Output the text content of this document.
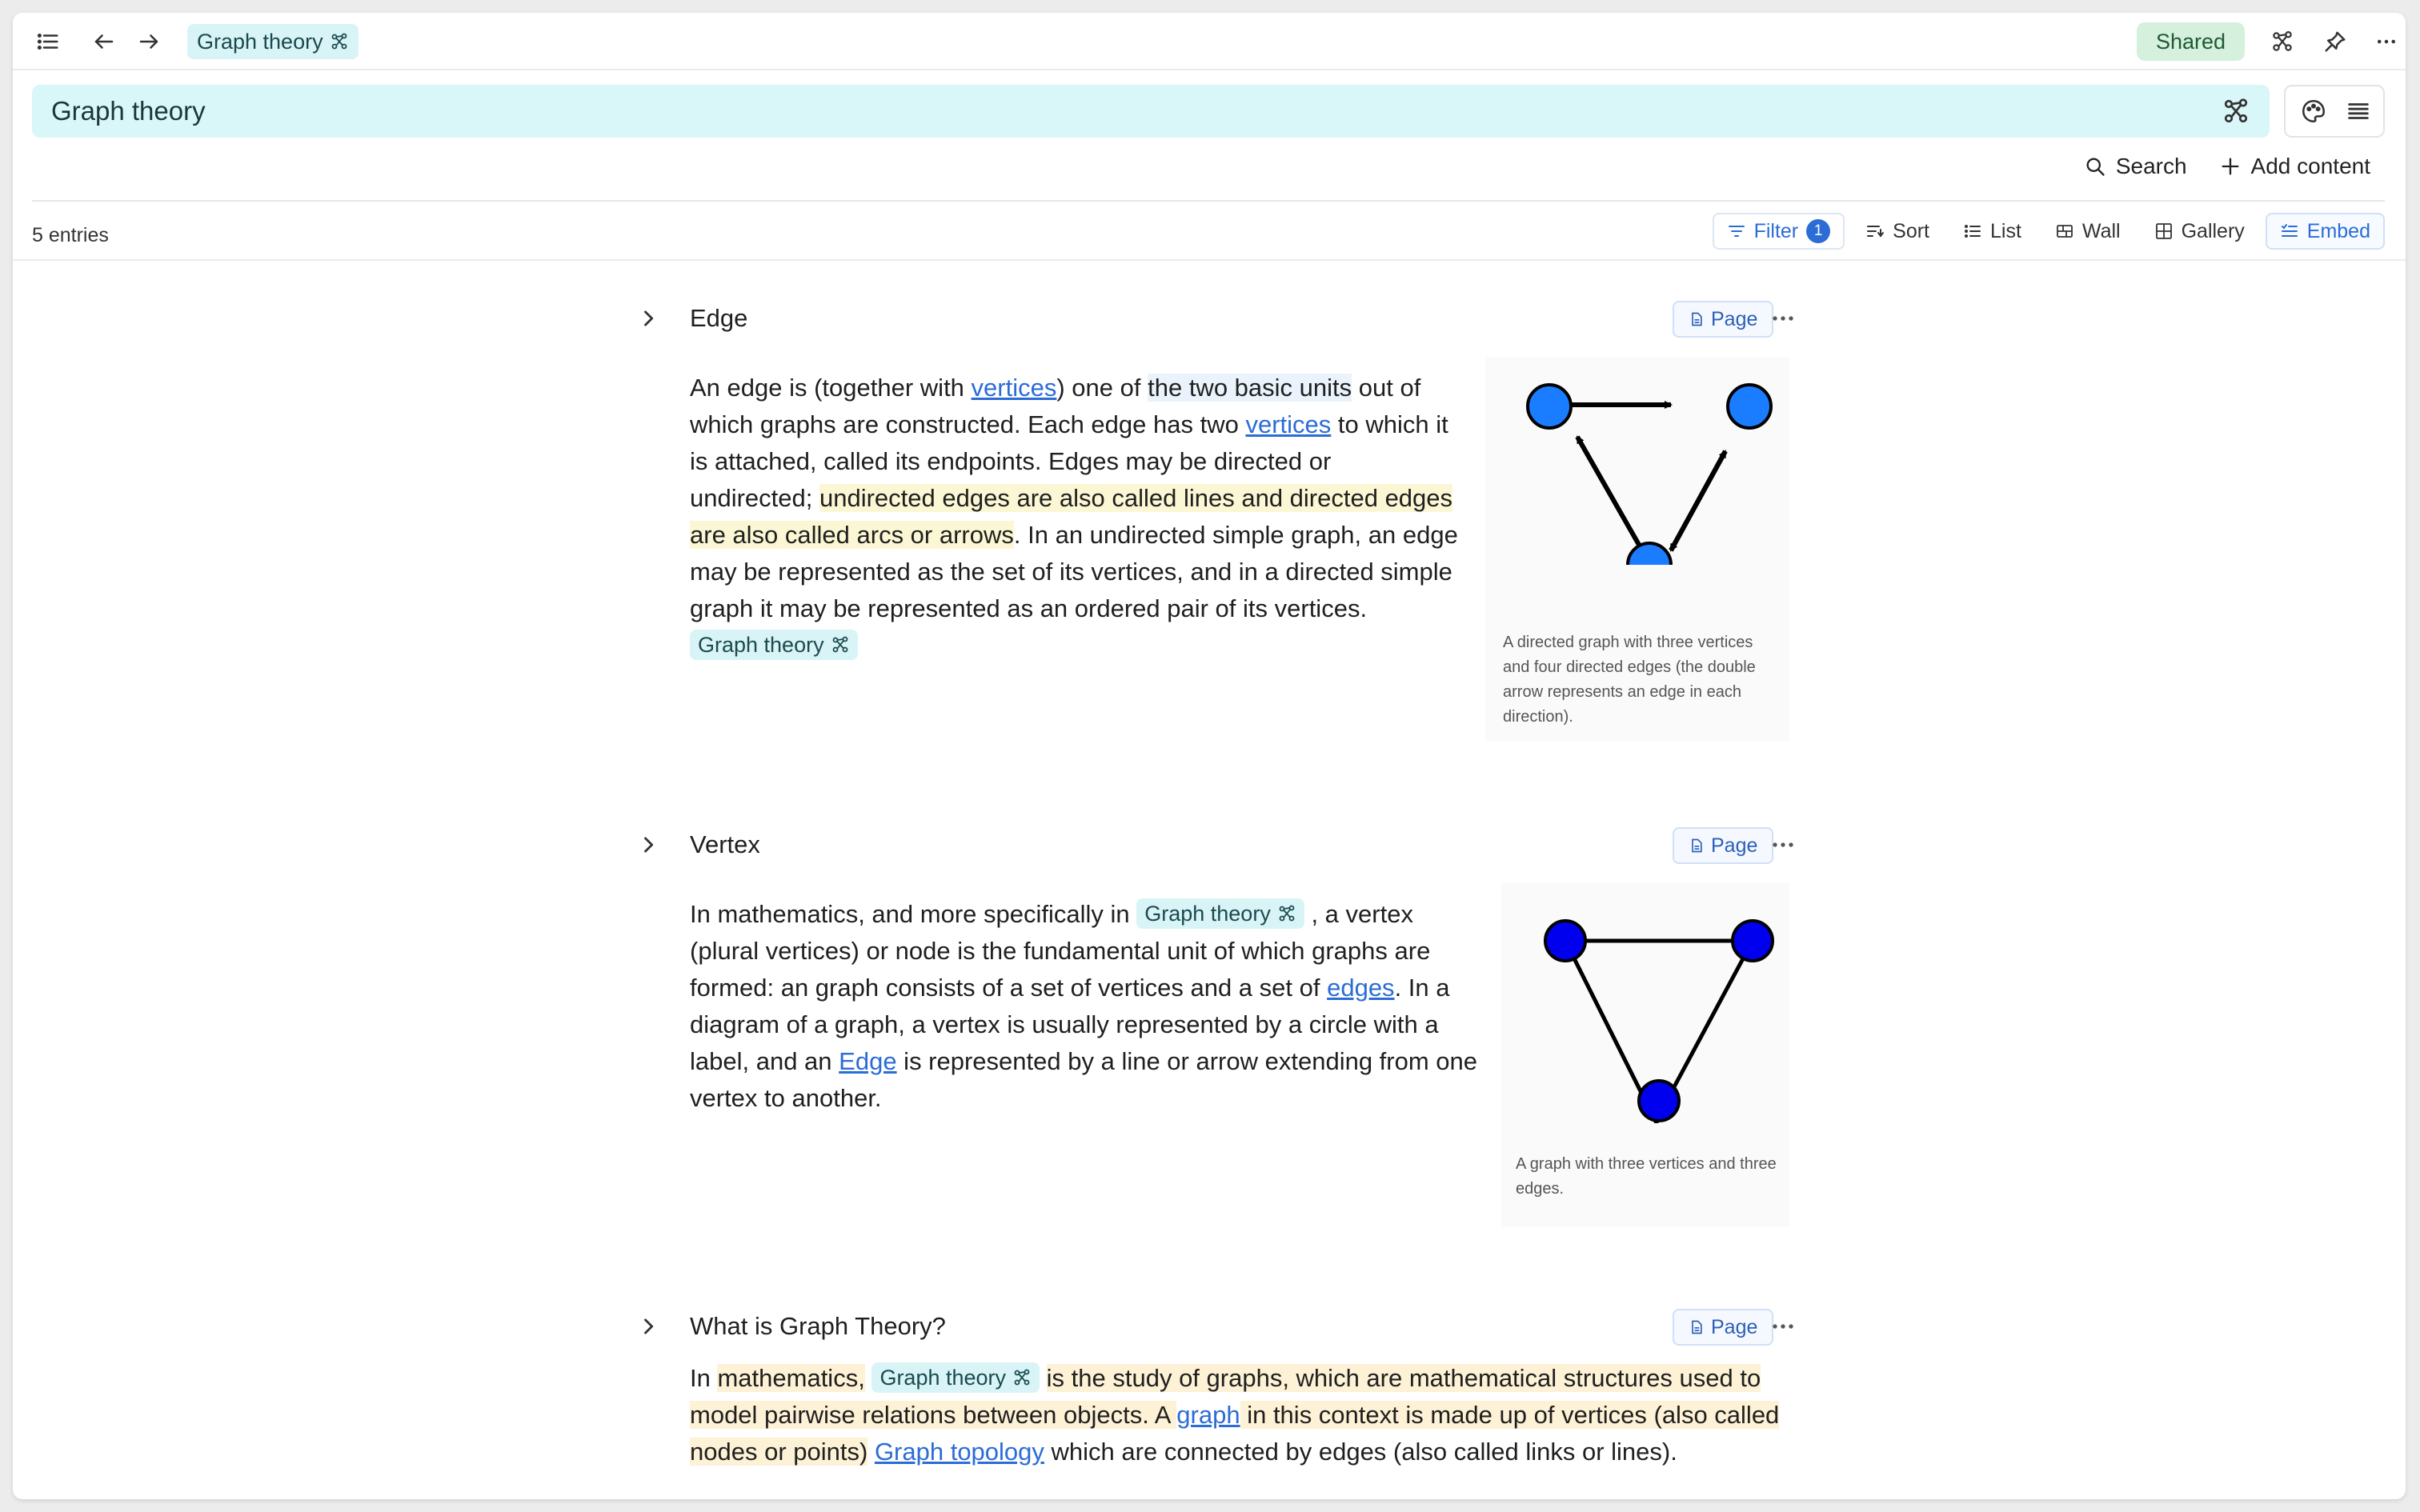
Graph theory	Shared
Graph theory
Search	Add content
5 entries	Filter	1	Sort	List	Wall	Gallery	Embed
Edge	Page
An edge is (together with vertices) one of the two basic units out of which graphs are constructed. Each edge has two vertices to which it is attached, called its endpoints. Edges may be directed or undirected; undirected edges are also called lines and directed edges are also called arcs or arrows. In an undirected simple graph, an edge may be represented as the set of its vertices, and in a directed simple graph it may be represented as an ordered pair of its vertices.
Graph theory	A directed graph with three vertices and four directed edges (the double arrow represents an edge in each direction).
Vertex	Page
In mathematics, and more specifically in Graph theory , a vertex (plural vertices) or node is the fundamental unit of which graphs are formed: an graph consists of a set of vertices and a set of edges. In a diagram of a graph, a vertex is usually represented by a circle with a label, and an Edge is represented by a line or arrow extending from one vertex to another.
A graph with three vertices and three edges.
What is Graph Theory?	Page
In mathematics, Graph theory is the study of graphs, which are mathematical structures used to model pairwise relations between objects. A graph in this context is made up of vertices (also called nodes or points) Graph topology which are connected by edges (also called links or lines).
